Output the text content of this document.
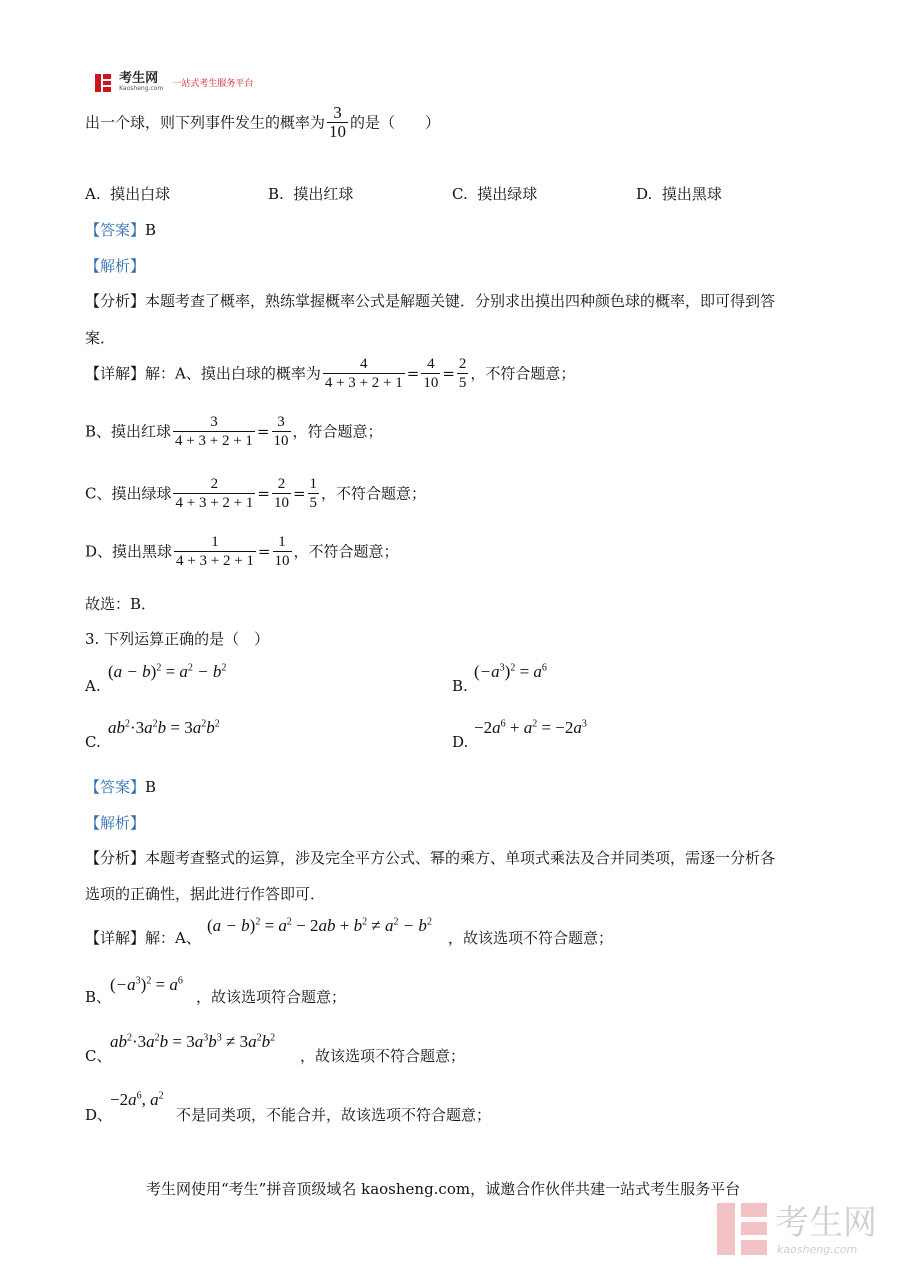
考生网
Kaosheng.com 一站式考生服务平台
出一个球，则下列事件发生的概率为 $\frac{3}{10}$ 的是（　　）
A. 摸出白球	B. 摸出红球	C. 摸出绿球	D. 摸出黑球
【答案】B
【解析】
【分析】本题考查了概率，熟练掌握概率公式是解题关键．分别求出摸出四种颜色球的概率，即可得到答
案．
【详解】解：A、摸出白球的概率为 $\frac{4}{4 + 3 + 2 + 1} = \frac{4}{10} = \frac{2}{5}$ ，不符合题意；
B、摸出红球 $\frac{3}{4 + 3 + 2 + 1} = \frac{3}{10}$ ，符合题意；
C、摸出绿球 $\frac{2}{4 + 3 + 2 + 1} = \frac{2}{10} = \frac{1}{5}$ ，不符合题意；
D、摸出黑球 $\frac{1}{4 + 3 + 2 + 1} = \frac{1}{10}$ ，不符合题意；
故选：B．
3. 下列运算正确的是（　）
A.
$(a - b)^2 = a^2 - b^2$
B.
$(-a^3)^2 = a^6$
C.
$ab^2\cdot 3a^2b = 3a^2b^2$
D.
$-2a^6 + a^2 = -2a^3$
【答案】B
【解析】
【分析】本题考查整式的运算，涉及完全平方公式、幂的乘方、单项式乘法及合并同类项，需逐一分析各
选项的正确性，据此进行作答即可．
【详解】解：A、
$(a - b)^2 = a^2 - 2ab + b^2 \ne a^2 - b^2$
，故该选项不符合题意；
B、
$(-a^3)^2 = a^6$
，故该选项符合题意；
C、
$ab^2\cdot 3a^2b = 3a^3b^3 \ne 3a^2b^2$
，故该选项不符合题意；
D、
$-2a^6$, $a^2$
不是同类项，不能合并，故该选项不符合题意；
考生网使用“考生”拼音顶级域名 kaosheng.com，诚邀合作伙伴共建一站式考生服务平台
考生网
kaosheng.com
